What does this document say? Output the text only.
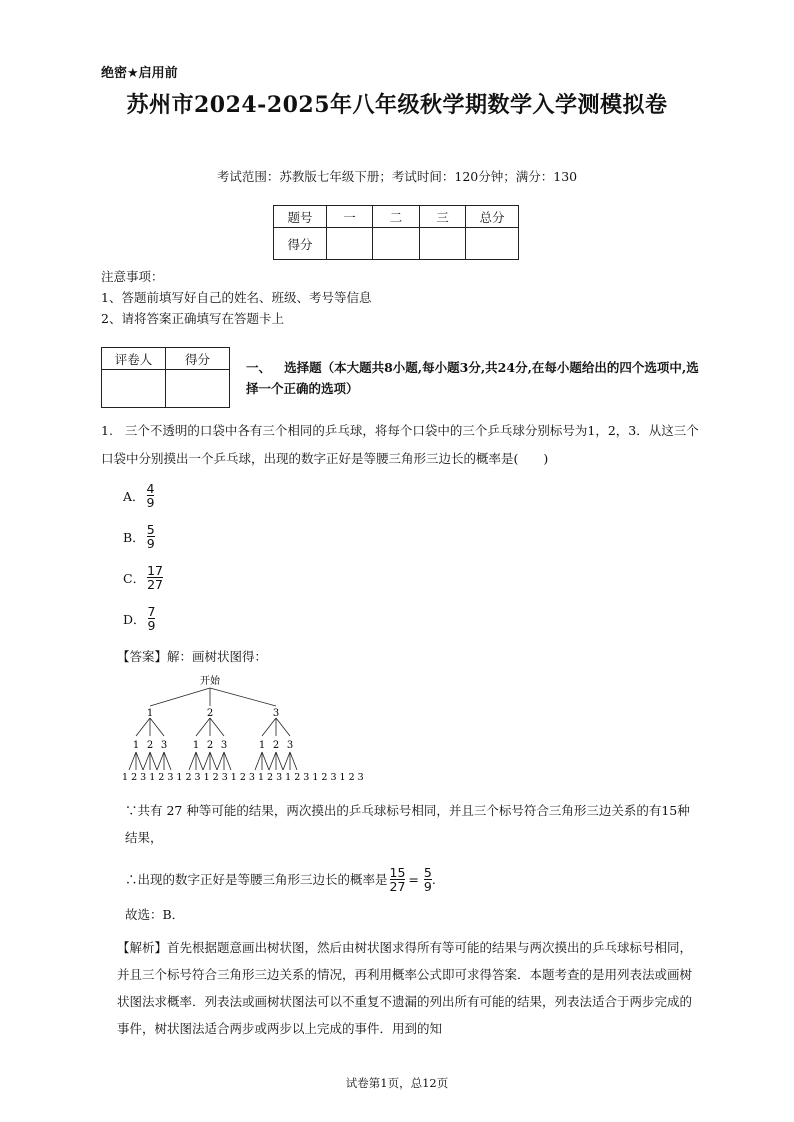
绝密★启用前
苏州市2024-2025年八年级秋学期数学入学测模拟卷
考试范围：苏教版七年级下册；考试时间：120分钟；满分：130
题号	一	二	三	总分
得分				
注意事项：
1、答题前填写好自己的姓名、班级、考号等信息
2、请将答案正确填写在答题卡上
评卷人	得分

一、 选择题（本大题共8小题,每小题3分,共24分,在每小题给出的四个选项中,选择一个正确的选项）
1. 三个不透明的口袋中各有三个相同的乒乓球，将每个口袋中的三个乒乓球分别标号为1，2，3．从这三个口袋中分别摸出一个乒乓球，出现的数字正好是等腰三角形三边长的概率是(　　)
A． $\frac{4}{9}$
B． $\frac{5}{9}$
C． $\frac{17}{27}$
D． $\frac{7}{9}$
【答案】解：画树状图得：
开始
1	2	3
1 2 3	1 2 3	1 2 3
1 2 3 1 2 3 1 2 3 1 2 3 1 2 3 1 2 3 1 2 3 1 2 3 1 2 3
∵共有 27 种等可能的结果，两次摸出的乒乓球标号相同，并且三个标号符合三角形三边关系的有15种结果，
∴出现的数字正好是等腰三角形三边长的概率是 $\frac{15}{27} = \frac{5}{9}$ .
故选：B．
【解析】首先根据题意画出树状图，然后由树状图求得所有等可能的结果与两次摸出的乒乓球标号相同，并且三个标号符合三角形三边关系的情况，再利用概率公式即可求得答案．本题考查的是用列表法或画树状图法求概率．列表法或画树状图法可以不重复不遗漏的列出所有可能的结果，列表法适合于两步完成的事件，树状图法适合两步或两步以上完成的事件．用到的知
试卷第1页，总12页
